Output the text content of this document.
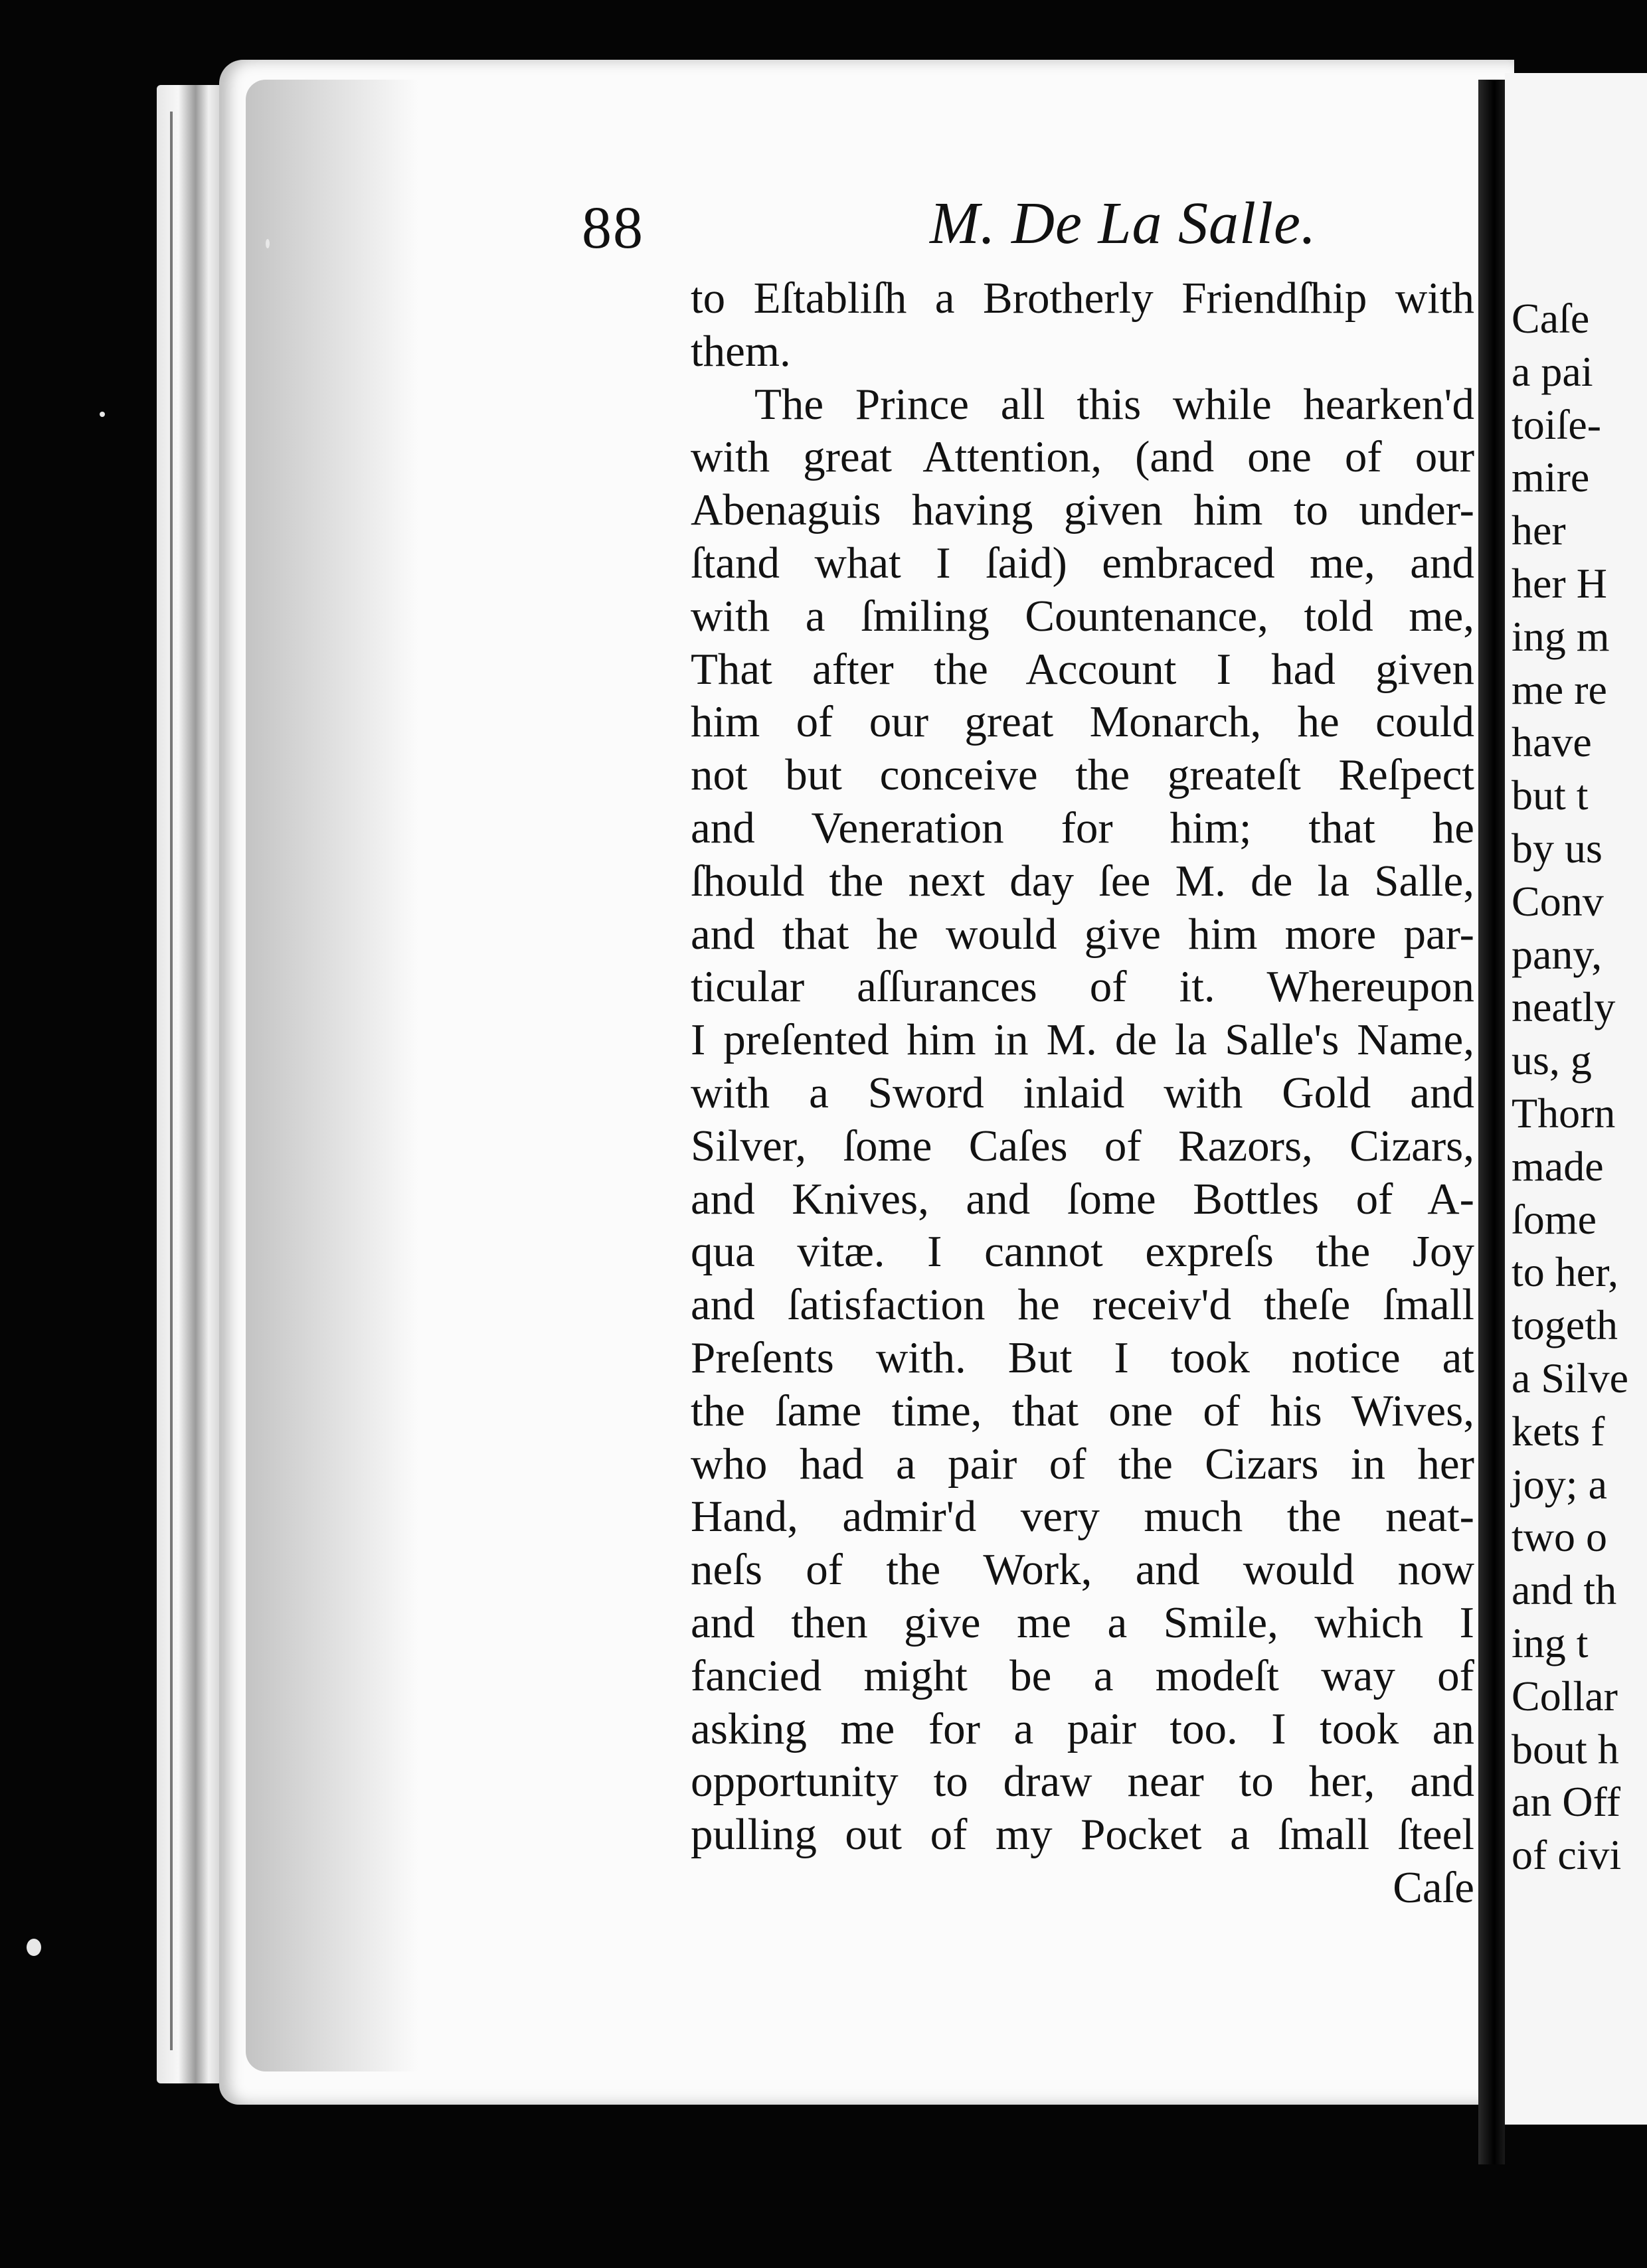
Caſe
a pai
toiſe-
mire
her
her H
ing m
me re
have
but t
by us
Conv
pany,
neatly
us, g
Thorn
made
ſome
to her,
togeth
a Silve
kets f
joy; a
two o
and th
ing t
Collar
bout h
an Off
of civi
88	M. De La Salle.
to Eſtabliſh a Brotherly Friendſhip with
them.
The Prince all this while hearken'd
with great Attention, (and one of our
Abenaguis having given him to under-
ſtand what I ſaid) embraced me, and
with a ſmiling Countenance, told me,
That after the Account I had given
him of our great Monarch, he could
not but conceive the greateſt Reſpect
and Veneration for him; that he
ſhould the next day ſee M. de la Salle,
and that he would give him more par-
ticular aſſurances of it. Whereupon
I preſented him in M. de la Salle's Name,
with a Sword inlaid with Gold and
Silver, ſome Caſes of Razors, Cizars,
and Knives, and ſome Bottles of A-
qua vitæ. I cannot expreſs the Joy
and ſatisfaction he receiv'd theſe ſmall
Preſents with. But I took notice at
the ſame time, that one of his Wives,
who had a pair of the Cizars in her
Hand, admir'd very much the neat-
neſs of the Work, and would now
and then give me a Smile, which I
fancied might be a modeſt way of
asking me for a pair too. I took an
opportunity to draw near to her, and
pulling out of my Pocket a ſmall ſteel
Caſe
